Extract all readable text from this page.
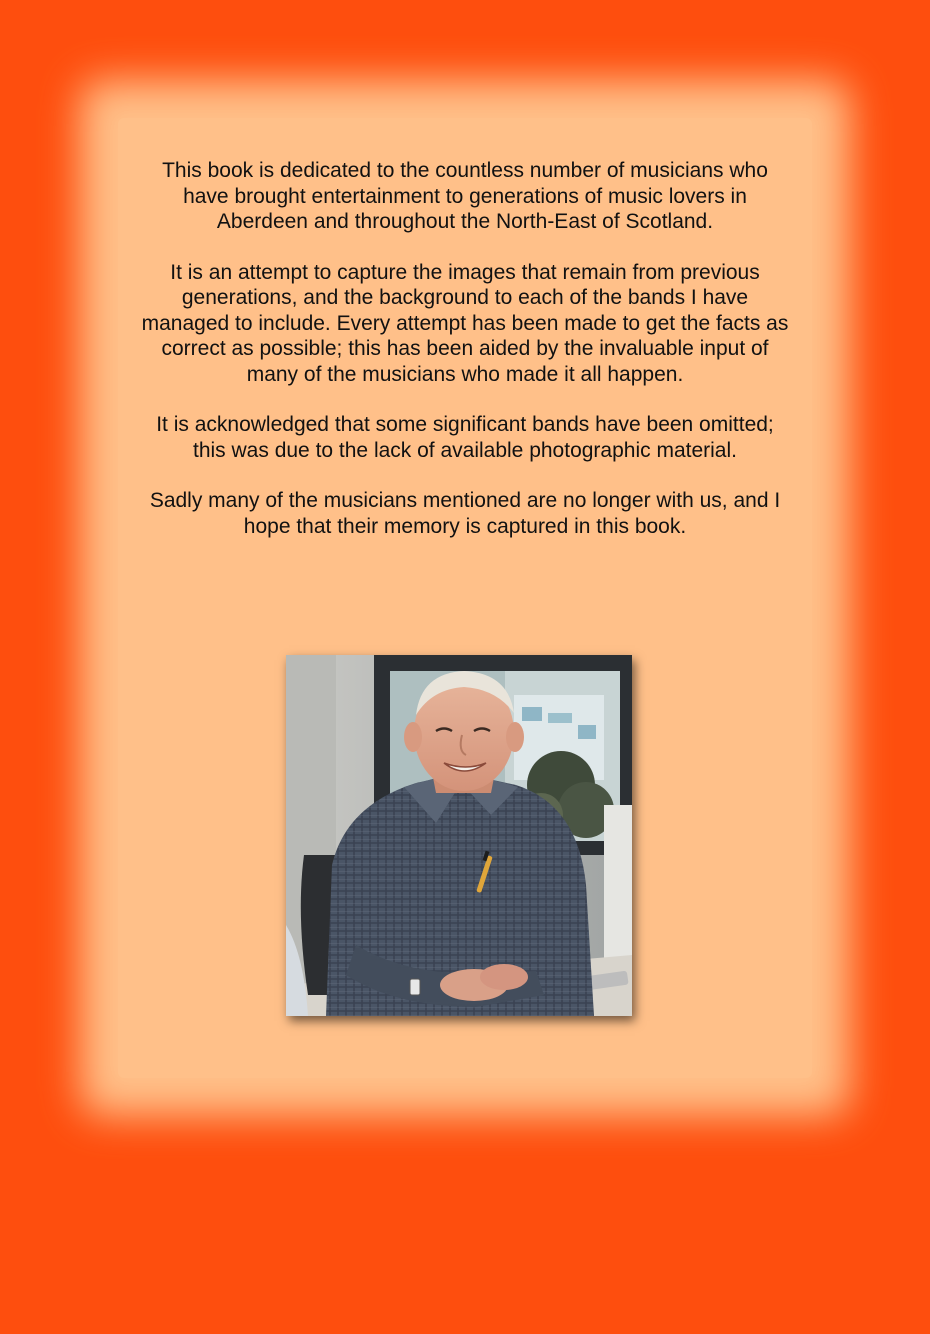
This book is dedicated to the countless number of musicians who have brought entertainment to generations of music lovers in Aberdeen and throughout the North-East of Scotland.

It is an attempt to capture the images that remain from previous generations, and the background to each of the bands I have managed to include. Every attempt has been made to get the facts as correct as possible; this has been aided by the invaluable input of many of the musicians who made it all happen.

It is acknowledged that some significant bands have been omitted; this was due to the lack of available photographic material.

Sadly many of the musicians mentioned are no longer with us, and I hope that their memory is captured in this book.
